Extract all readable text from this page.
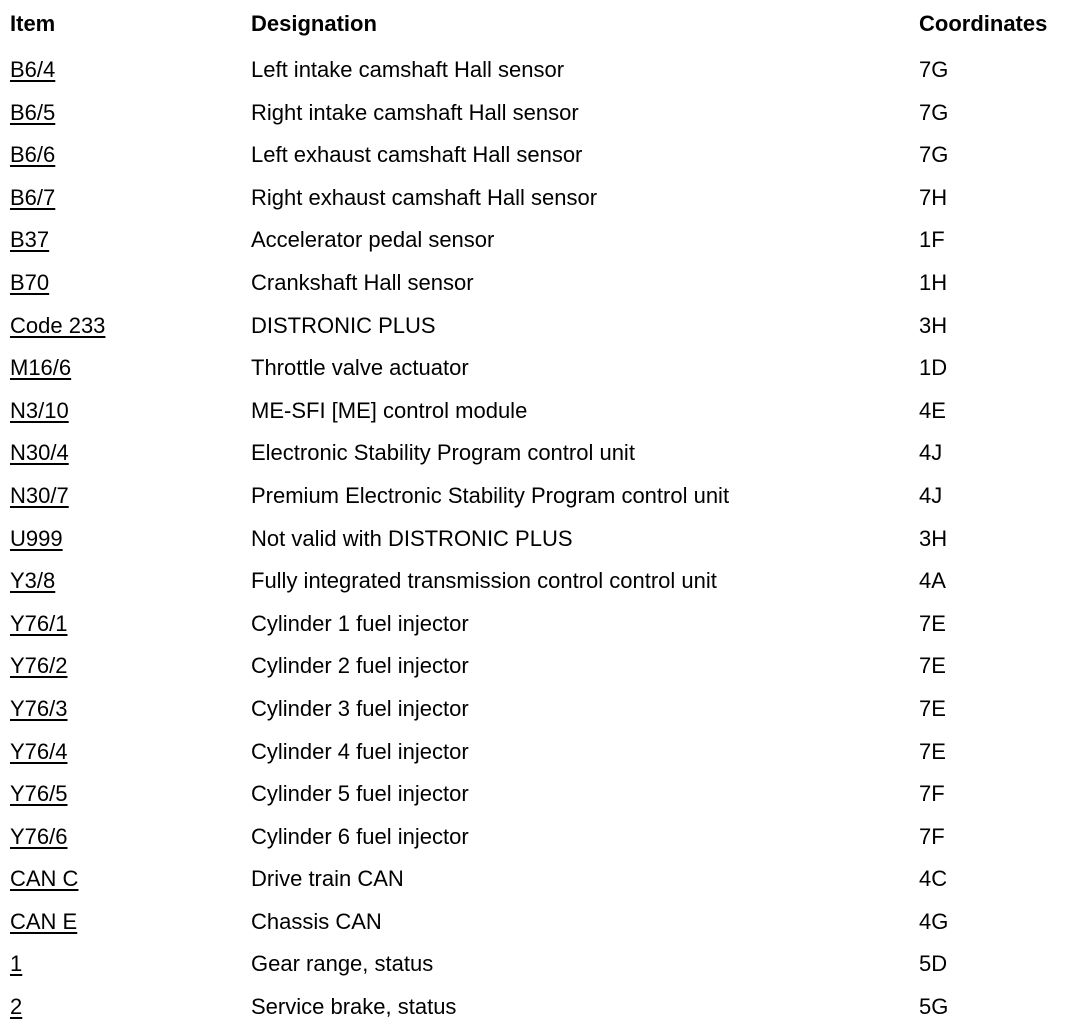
Item	Designation	Coordinates
B6/4	Left intake camshaft Hall sensor	7G
B6/5	Right intake camshaft Hall sensor	7G
B6/6	Left exhaust camshaft Hall sensor	7G
B6/7	Right exhaust camshaft Hall sensor	7H
B37	Accelerator pedal sensor	1F
B70	Crankshaft Hall sensor	1H
Code 233	DISTRONIC PLUS	3H
M16/6	Throttle valve actuator	1D
N3/10	ME-SFI [ME] control module	4E
N30/4	Electronic Stability Program control unit	4J
N30/7	Premium Electronic Stability Program control unit	4J
U999	Not valid with DISTRONIC PLUS	3H
Y3/8	Fully integrated transmission control control unit	4A
Y76/1	Cylinder 1 fuel injector	7E
Y76/2	Cylinder 2 fuel injector	7E
Y76/3	Cylinder 3 fuel injector	7E
Y76/4	Cylinder 4 fuel injector	7E
Y76/5	Cylinder 5 fuel injector	7F
Y76/6	Cylinder 6 fuel injector	7F
CAN C	Drive train CAN	4C
CAN E	Chassis CAN	4G
1	Gear range, status	5D
2	Service brake, status	5G
